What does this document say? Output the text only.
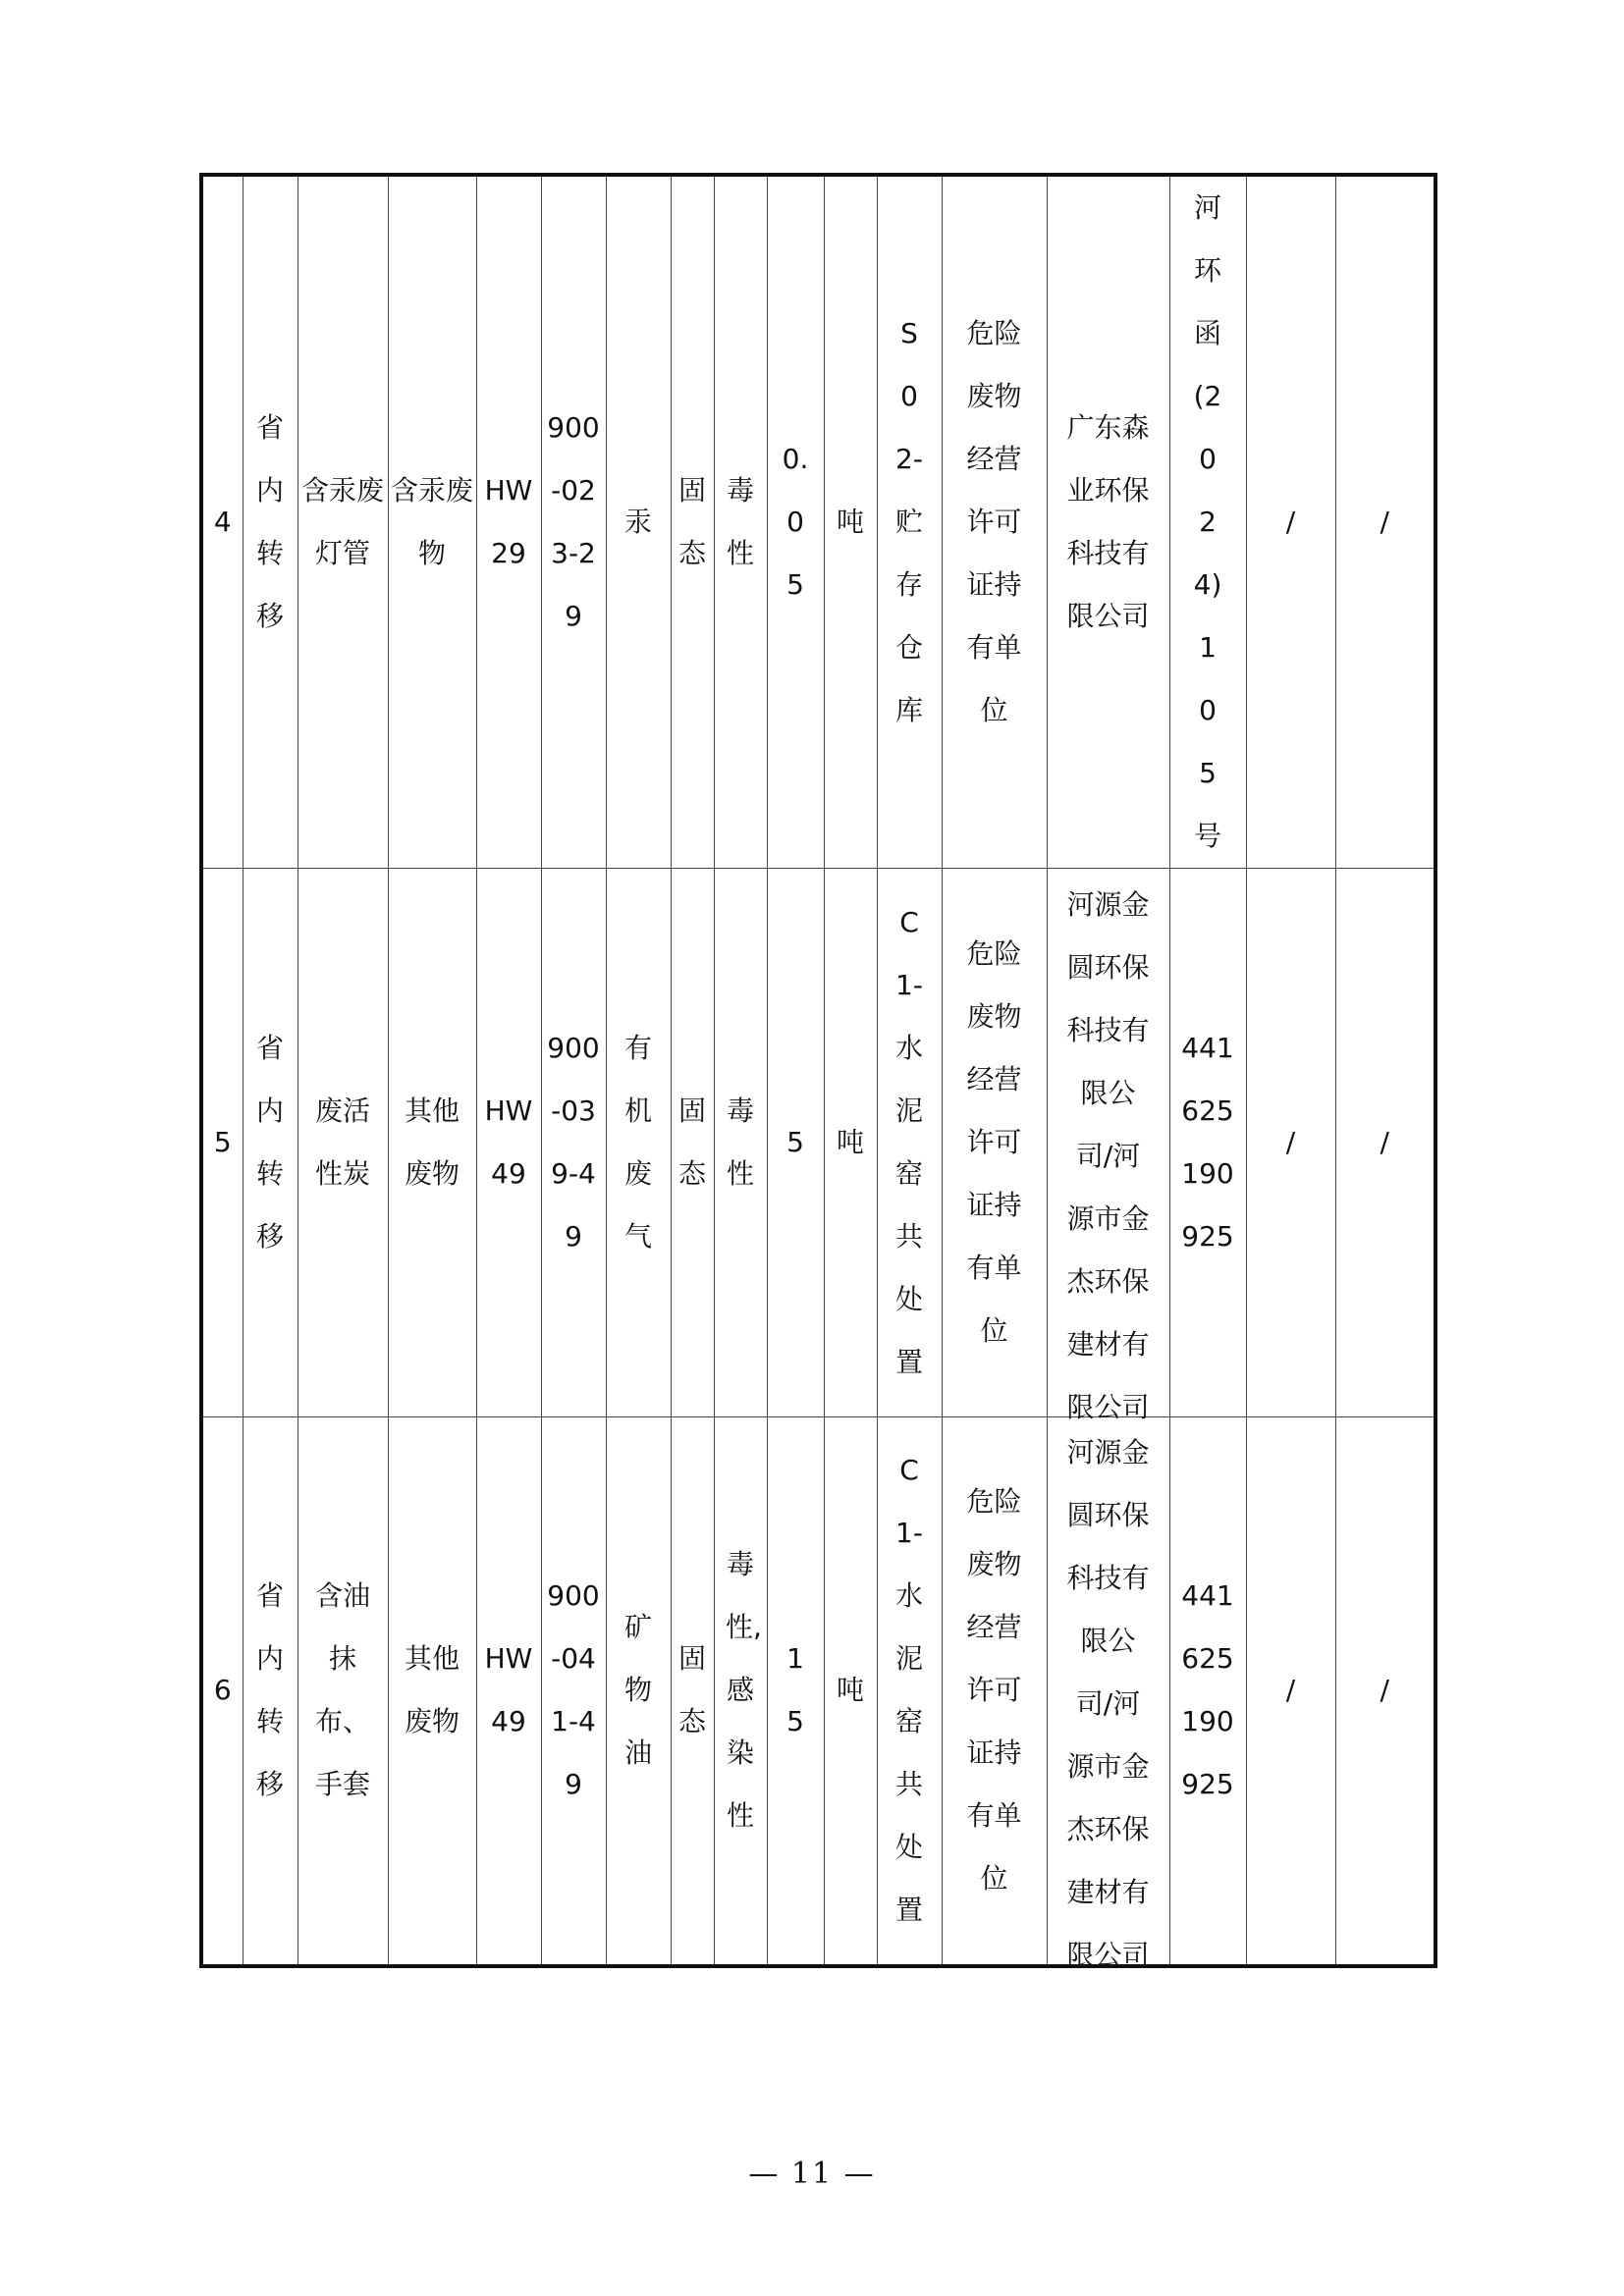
4	省内转移	含汞废灯管	含汞废物	HW29	900-023-29	汞	固态	毒性	0.05	吨	S02-贮存仓库	危险废物经营许可证持有单位	广东森业环保科技有限公司	河环函(2024)105号	/	/
5	省内转移	废活性炭	其他废物	HW49	900-039-49	有机废气	固态	毒性	5	吨	C1-水泥窑共处置	危险废物经营许可证持有单位	河源金圆环保科技有限公司/河源市金杰环保建材有限公司	441625190925	/	/
6	省内转移	含油抹布、手套	其他废物	HW49	900-041-49	矿物油	固态	毒性,感染性	15	吨	C1-水泥窑共处置	危险废物经营许可证持有单位	河源金圆环保科技有限公司/河源市金杰环保建材有限公司	441625190925	/	/
— 11 —
